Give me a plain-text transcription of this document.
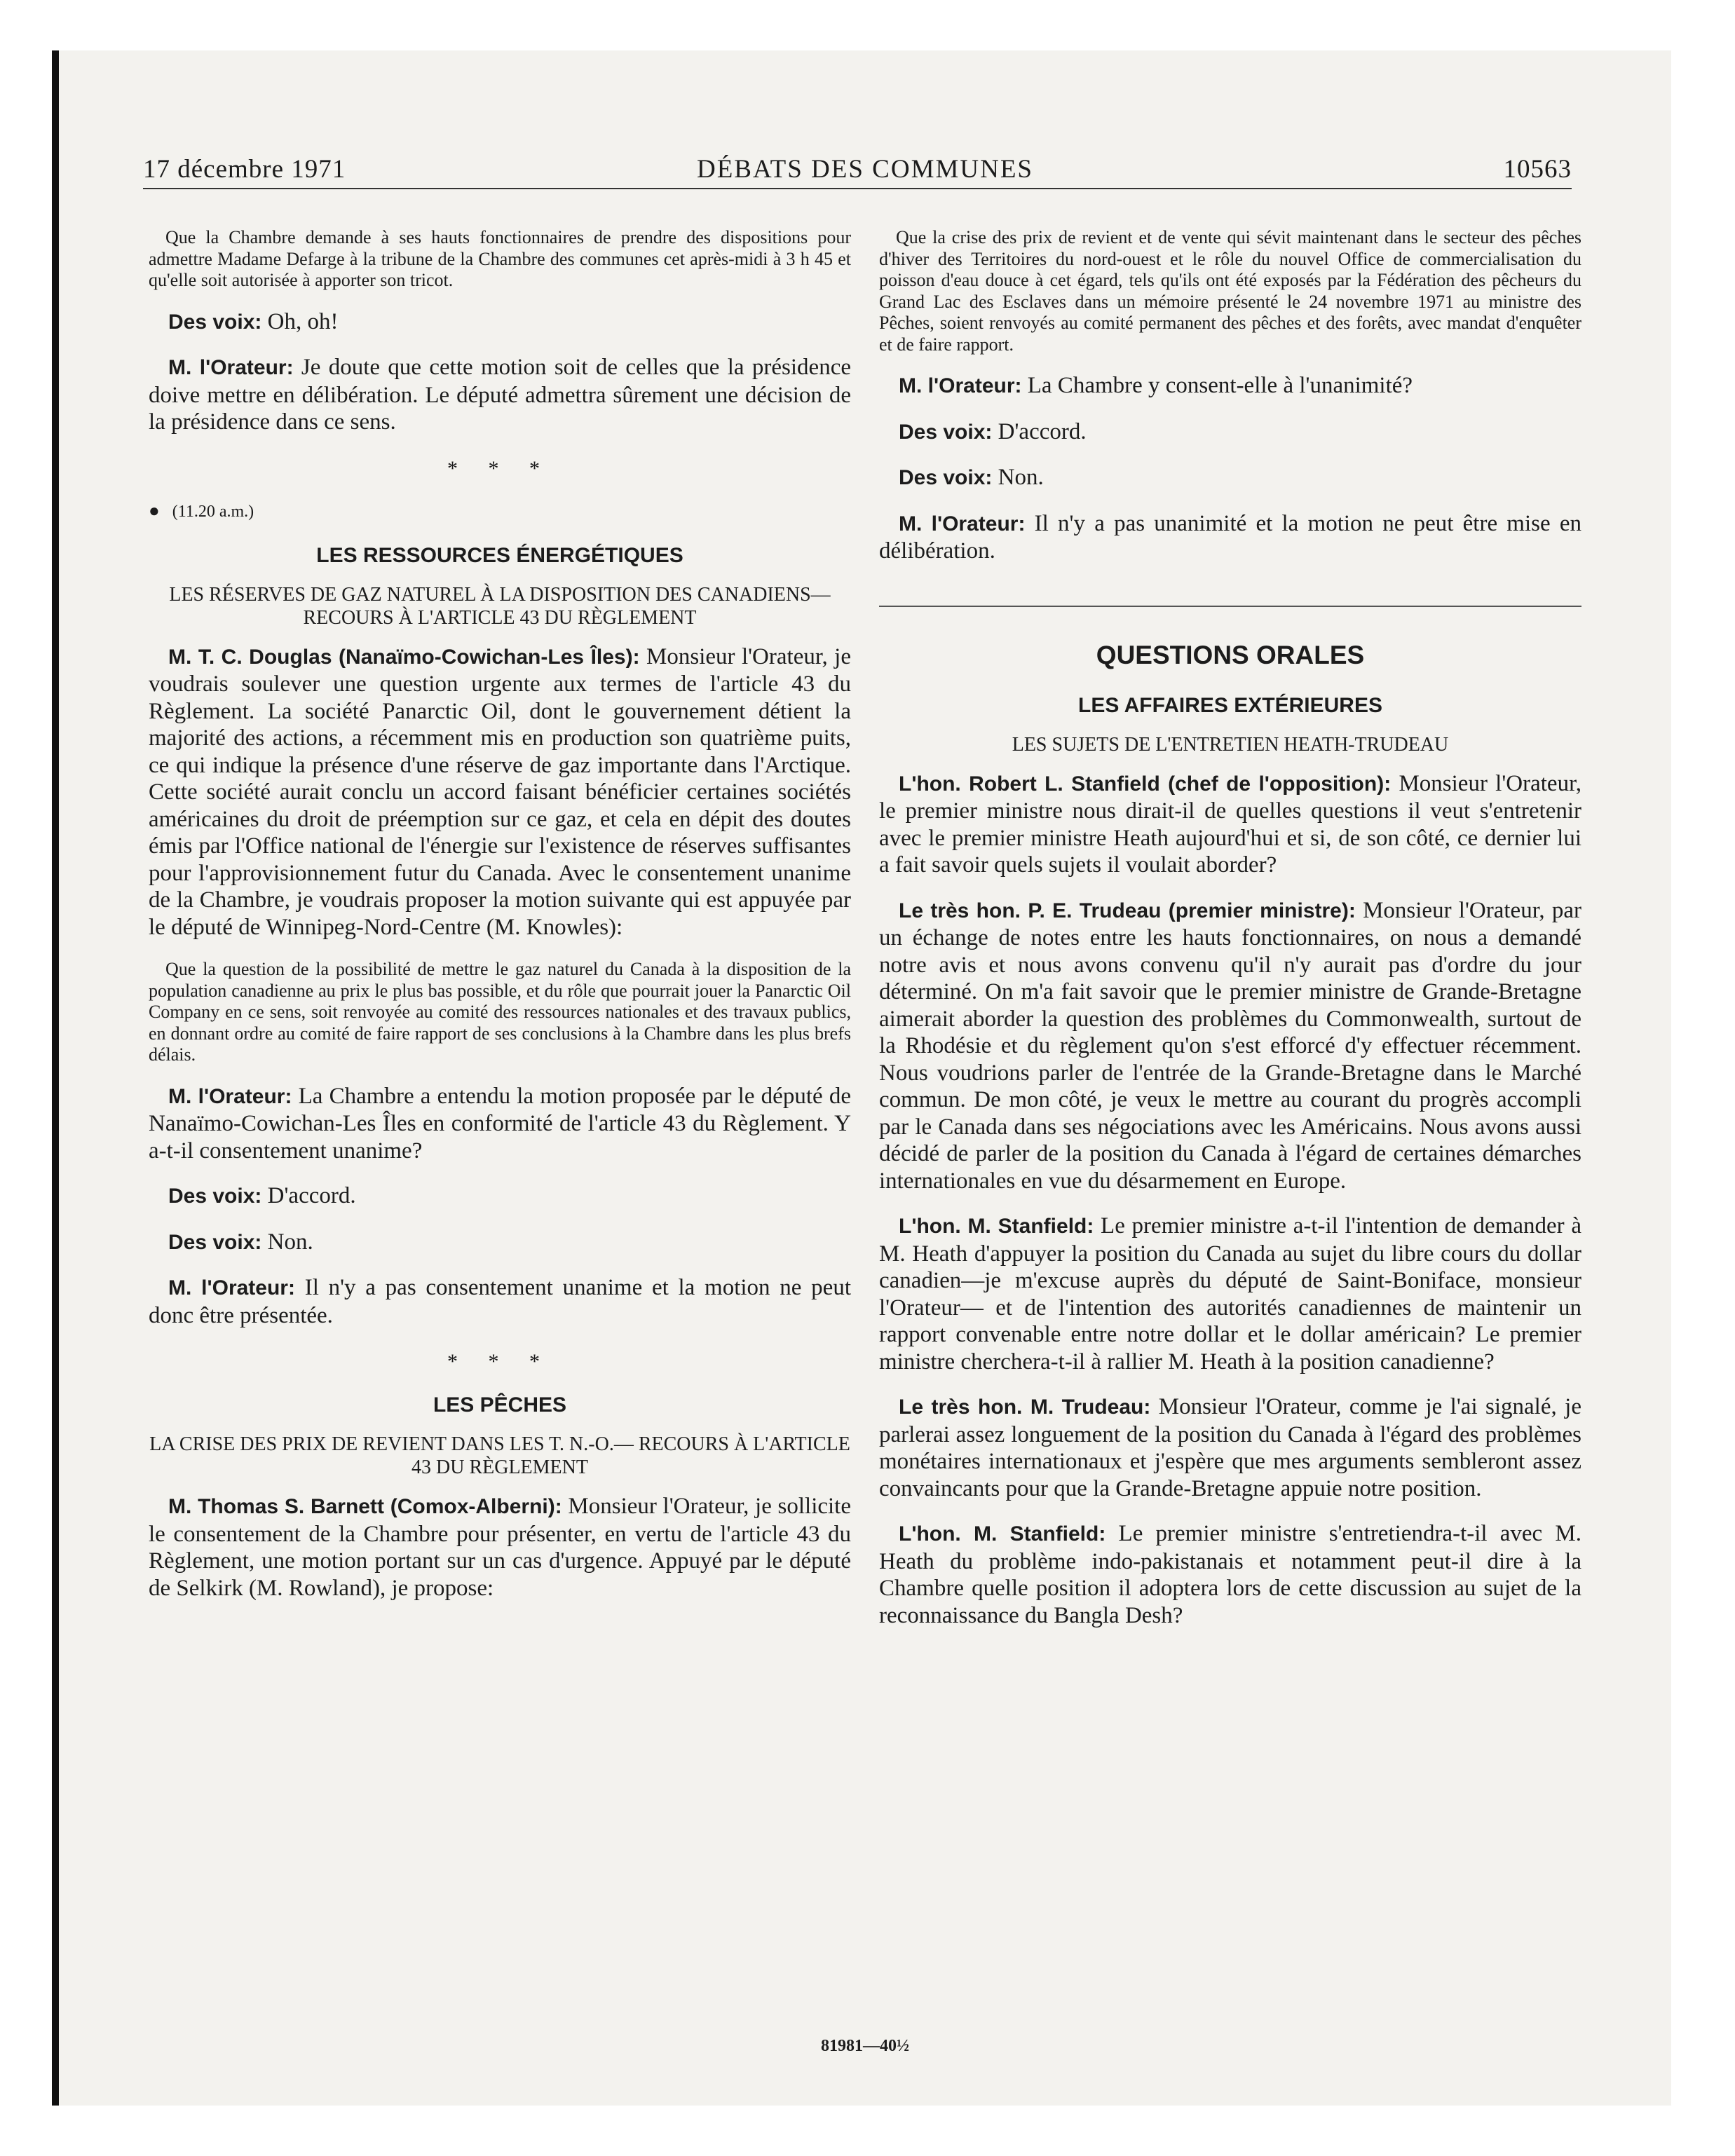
17 décembre 1971	DÉBATS DES COMMUNES	10563

Que la Chambre demande à ses hauts fonctionnaires de prendre des dispositions pour admettre Madame Defarge à la tribune de la Chambre des communes cet après-midi à 3 h 45 et qu'elle soit autorisée à apporter son tricot.

Des voix: Oh, oh!

M. l'Orateur: Je doute que cette motion soit de celles que la présidence doive mettre en délibération. Le député admettra sûrement une décision de la présidence dans ce sens.

* * *
● (11.20 a.m.)
LES RESSOURCES ÉNERGÉTIQUES
LES RÉSERVES DE GAZ NATUREL À LA DISPOSITION DES CANADIENS—RECOURS À L'ARTICLE 43 DU RÈGLEMENT

M. T. C. Douglas (Nanaïmo-Cowichan-Les Îles): Monsieur l'Orateur, je voudrais soulever une question urgente aux termes de l'article 43 du Règlement. La société Panarctic Oil, dont le gouvernement détient la majorité des actions, a récemment mis en production son quatrième puits, ce qui indique la présence d'une réserve de gaz importante dans l'Arctique. Cette société aurait conclu un accord faisant bénéficier certaines sociétés américaines du droit de préemption sur ce gaz, et cela en dépit des doutes émis par l'Office national de l'énergie sur l'existence de réserves suffisantes pour l'approvisionnement futur du Canada. Avec le consentement unanime de la Chambre, je voudrais proposer la motion suivante qui est appuyée par le député de Winnipeg-Nord-Centre (M. Knowles):

Que la question de la possibilité de mettre le gaz naturel du Canada à la disposition de la population canadienne au prix le plus bas possible, et du rôle que pourrait jouer la Panarctic Oil Company en ce sens, soit renvoyée au comité des ressources nationales et des travaux publics, en donnant ordre au comité de faire rapport de ses conclusions à la Chambre dans les plus brefs délais.

M. l'Orateur: La Chambre a entendu la motion proposée par le député de Nanaïmo-Cowichan-Les Îles en conformité de l'article 43 du Règlement. Y a-t-il consentement unanime?

Des voix: D'accord.

Des voix: Non.

M. l'Orateur: Il n'y a pas consentement unanime et la motion ne peut donc être présentée.

* * *
LES PÊCHES
LA CRISE DES PRIX DE REVIENT DANS LES T. N.-O.— RECOURS À L'ARTICLE 43 DU RÈGLEMENT

M. Thomas S. Barnett (Comox-Alberni): Monsieur l'Orateur, je sollicite le consentement de la Chambre pour présenter, en vertu de l'article 43 du Règlement, une motion portant sur un cas d'urgence. Appuyé par le député de Selkirk (M. Rowland), je propose:

Que la crise des prix de revient et de vente qui sévit maintenant dans le secteur des pêches d'hiver des Territoires du nord-ouest et le rôle du nouvel Office de commercialisation du poisson d'eau douce à cet égard, tels qu'ils ont été exposés par la Fédération des pêcheurs du Grand Lac des Esclaves dans un mémoire présenté le 24 novembre 1971 au ministre des Pêches, soient renvoyés au comité permanent des pêches et des forêts, avec mandat d'enquêter et de faire rapport.

M. l'Orateur: La Chambre y consent-elle à l'unanimité?

Des voix: D'accord.

Des voix: Non.

M. l'Orateur: Il n'y a pas unanimité et la motion ne peut être mise en délibération.

QUESTIONS ORALES
LES AFFAIRES EXTÉRIEURES
LES SUJETS DE L'ENTRETIEN HEATH-TRUDEAU

L'hon. Robert L. Stanfield (chef de l'opposition): Monsieur l'Orateur, le premier ministre nous dirait-il de quelles questions il veut s'entretenir avec le premier ministre Heath aujourd'hui et si, de son côté, ce dernier lui a fait savoir quels sujets il voulait aborder?

Le très hon. P. E. Trudeau (premier ministre): Monsieur l'Orateur, par un échange de notes entre les hauts fonctionnaires, on nous a demandé notre avis et nous avons convenu qu'il n'y aurait pas d'ordre du jour déterminé. On m'a fait savoir que le premier ministre de Grande-Bretagne aimerait aborder la question des problèmes du Commonwealth, surtout de la Rhodésie et du règlement qu'on s'est efforcé d'y effectuer récemment. Nous voudrions parler de l'entrée de la Grande-Bretagne dans le Marché commun. De mon côté, je veux le mettre au courant du progrès accompli par le Canada dans ses négociations avec les Américains. Nous avons aussi décidé de parler de la position du Canada à l'égard de certaines démarches internationales en vue du désarmement en Europe.

L'hon. M. Stanfield: Le premier ministre a-t-il l'intention de demander à M. Heath d'appuyer la position du Canada au sujet du libre cours du dollar canadien—je m'excuse auprès du député de Saint-Boniface, monsieur l'Orateur— et de l'intention des autorités canadiennes de maintenir un rapport convenable entre notre dollar et le dollar américain? Le premier ministre cherchera-t-il à rallier M. Heath à la position canadienne?

Le très hon. M. Trudeau: Monsieur l'Orateur, comme je l'ai signalé, je parlerai assez longuement de la position du Canada à l'égard des problèmes monétaires internationaux et j'espère que mes arguments sembleront assez convaincants pour que la Grande-Bretagne appuie notre position.

L'hon. M. Stanfield: Le premier ministre s'entretiendra-t-il avec M. Heath du problème indo-pakistanais et notamment peut-il dire à la Chambre quelle position il adoptera lors de cette discussion au sujet de la reconnaissance du Bangla Desh?

81981—40½
